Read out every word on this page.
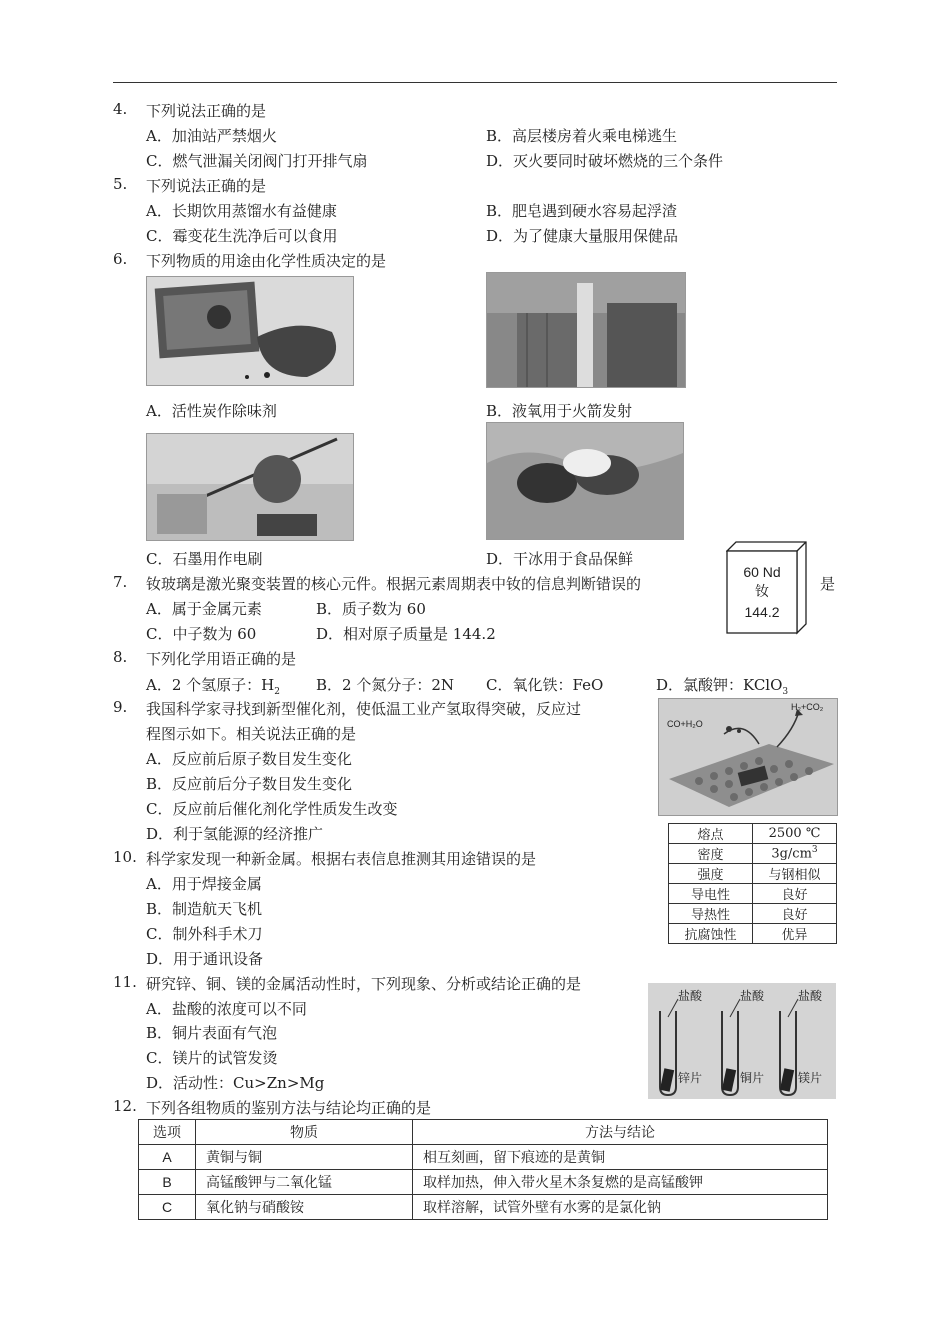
4.	下列说法正确的是
A．加油站严禁烟火	B．高层楼房着火乘电梯逃生
C．燃气泄漏关闭阀门打开排气扇	D．灭火要同时破坏燃烧的三个条件
5. 下列说法正确的是
A．长期饮用蒸馏水有益健康	B．肥皂遇到硬水容易起浮渣
C．霉变花生洗净后可以食用	D．为了健康大量服用保健品
6. 下列物质的用途由化学性质决定的是
A．活性炭作除味剂	B．液氧用于火箭发射
C．石墨用作电刷	D．干冰用于食品保鲜
7. 钕玻璃是激光聚变装置的核心元件。根据元素周期表中钕的信息判断错误的	是
A．属于金属元素	B．质子数为 60
C．中子数为 60	D．相对原子质量是 144.2
60 Nd
钕
144.2
8. 下列化学用语正确的是
A．2 个氢原子：$H_2$ B．2 个氮分子：2N C．氧化铁：FeO	D．氯酸钾：KClO$_3$
9. 我国科学家寻找到新型催化剂，使低温工业产氢取得突破，反应过
程图示如下。相关说法正确的是
A．反应前后原子数目发生变化
B．反应前后分子数目发生变化
C．反应前后催化剂化学性质发生改变
D．利于氢能源的经济推广
CO+H₂O
H₂+CO₂
10. 科学家发现一种新金属。根据右表信息推测其用途错误的是
A．用于焊接金属
B．制造航天飞机
C．制外科手术刀
D．用于通讯设备
熔点	2500 ℃
密度	$3g/cm^3$
强度	与钢相似
导电性	良好
导热性	良好
抗腐蚀性	优异
11. 研究锌、铜、镁的金属活动性时，下列现象、分析或结论正确的是
A．盐酸的浓度可以不同
B．铜片表面有气泡
C．镁片的试管发烫
D．活动性：Cu>Zn>Mg
盐酸	盐酸	盐酸
锌片	铜片	镁片
12. 下列各组物质的鉴别方法与结论均正确的是
选项	物质	方法与结论
A	黄铜与铜	相互刻画，留下痕迹的是黄铜
B	高锰酸钾与二氧化锰	取样加热，伸入带火星木条复燃的是高锰酸钾
C	氧化钠与硝酸铵	取样溶解，试管外壁有水雾的是氯化钠
